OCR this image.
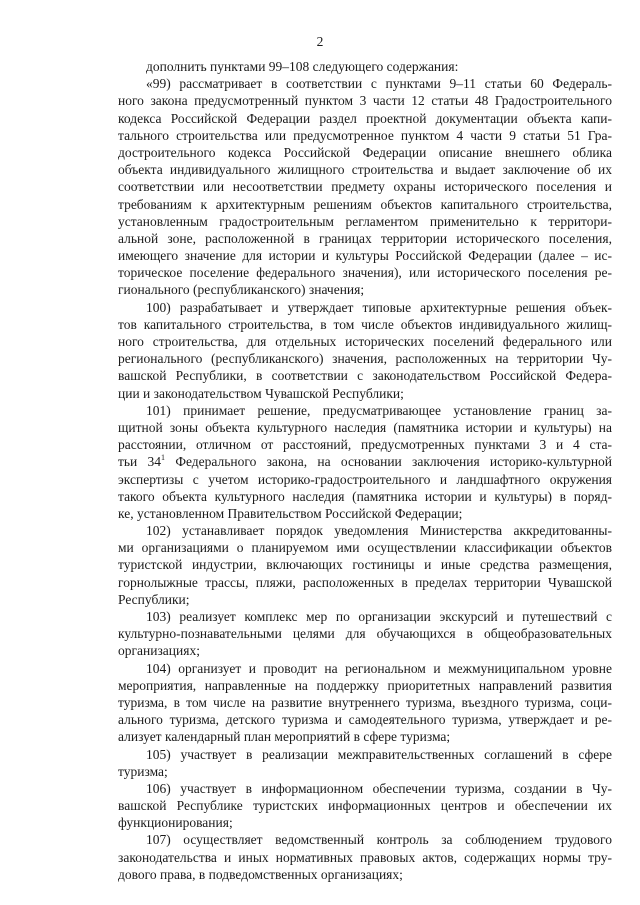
2
дополнить пунктами 99–108 следующего содержания:
«99) рассматривает в соответствии с пунктами 9–11 статьи 60 Федераль-
ного закона предусмотренный пунктом 3 части 12 статьи 48 Градостроительного
кодекса Российской Федерации раздел проектной документации объекта капи-
тального строительства или предусмотренное пунктом 4 части 9 статьи 51 Гра-
достроительного кодекса Российской Федерации описание внешнего облика
объекта индивидуального жилищного строительства и выдает заключение об их
соответствии или несоответствии предмету охраны исторического поселения и
требованиям к архитектурным решениям объектов капитального строительства,
установленным градостроительным регламентом применительно к территори-
альной зоне, расположенной в границах территории исторического поселения,
имеющего значение для истории и культуры Российской Федерации (далее – ис-
торическое поселение федерального значения), или исторического поселения ре-
гионального (республиканского) значения;
100) разрабатывает и утверждает типовые архитектурные решения объек-
тов капитального строительства, в том числе объектов индивидуального жилищ-
ного строительства, для отдельных исторических поселений федерального или
регионального (республиканского) значения, расположенных на территории Чу-
вашской Республики, в соответствии с законодательством Российской Федера-
ции и законодательством Чувашской Республики;
101) принимает решение, предусматривающее установление границ за-
щитной зоны объекта культурного наследия (памятника истории и культуры) на
расстоянии, отличном от расстояний, предусмотренных пунктами 3 и 4 ста-
тьи $34^1$ Федерального закона, на основании заключения историко-культурной
экспертизы с учетом историко-градостроительного и ландшафтного окружения
такого объекта культурного наследия (памятника истории и культуры) в поряд-
ке, установленном Правительством Российской Федерации;
102) устанавливает порядок уведомления Министерства аккредитованны-
ми организациями о планируемом ими осуществлении классификации объектов
туристской индустрии, включающих гостиницы и иные средства размещения,
горнолыжные трассы, пляжи, расположенных в пределах территории Чувашской
Республики;
103) реализует комплекс мер по организации экскурсий и путешествий с
культурно-познавательными целями для обучающихся в общеобразовательных
организациях;
104) организует и проводит на региональном и межмуниципальном уровне
мероприятия, направленные на поддержку приоритетных направлений развития
туризма, в том числе на развитие внутреннего туризма, въездного туризма, соци-
ального туризма, детского туризма и самодеятельного туризма, утверждает и ре-
ализует календарный план мероприятий в сфере туризма;
105) участвует в реализации межправительственных соглашений в сфере
туризма;
106) участвует в информационном обеспечении туризма, создании в Чу-
вашской Республике туристских информационных центров и обеспечении их
функционирования;
107) осуществляет ведомственный контроль за соблюдением трудового
законодательства и иных нормативных правовых актов, содержащих нормы тру-
дового права, в подведомственных организациях;
